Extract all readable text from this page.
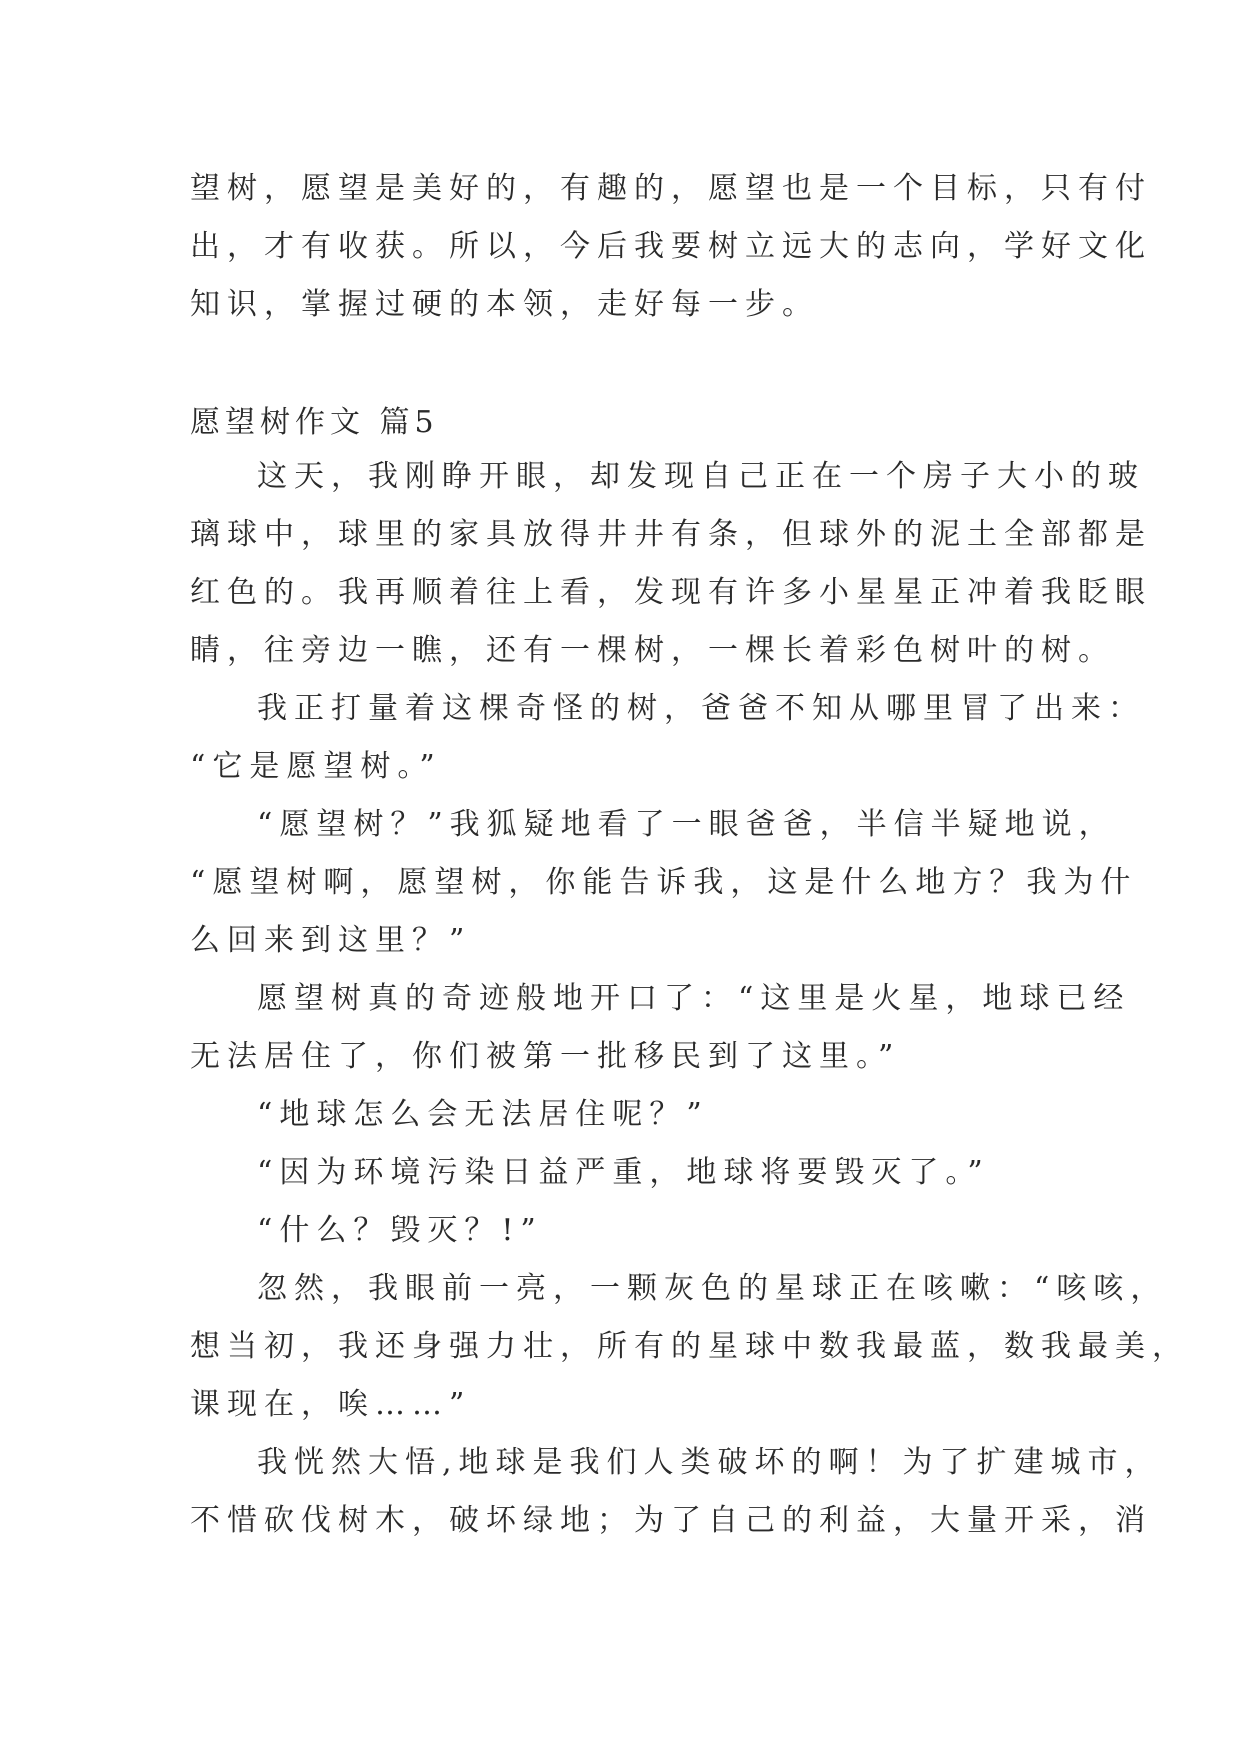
望树，愿望是美好的，有趣的，愿望也是一个目标，只有付
出，才有收获。所以，今后我要树立远大的志向，学好文化
知识，掌握过硬的本领，走好每一步。
愿望树作文 篇5
这天，我刚睁开眼，却发现自己正在一个房子大小的玻
璃球中，球里的家具放得井井有条，但球外的泥土全部都是
红色的。我再顺着往上看，发现有许多小星星正冲着我眨眼
睛，往旁边一瞧，还有一棵树，一棵长着彩色树叶的树。
我正打量着这棵奇怪的树，爸爸不知从哪里冒了出来：
“它是愿望树。”
“愿望树？”我狐疑地看了一眼爸爸，半信半疑地说，
“愿望树啊，愿望树，你能告诉我，这是什么地方？我为什
么回来到这里？”
愿望树真的奇迹般地开口了：“这里是火星，地球已经
无法居住了，你们被第一批移民到了这里。”
“地球怎么会无法居住呢？”
“因为环境污染日益严重，地球将要毁灭了。”
“什么？毁灭？!”
忽然，我眼前一亮，一颗灰色的星球正在咳嗽：“咳咳，
想当初，我还身强力壮，所有的星球中数我最蓝，数我最美，
课现在，唉……”
我恍然大悟,地球是我们人类破坏的啊！为了扩建城市，
不惜砍伐树木，破坏绿地；为了自己的利益，大量开采，消
